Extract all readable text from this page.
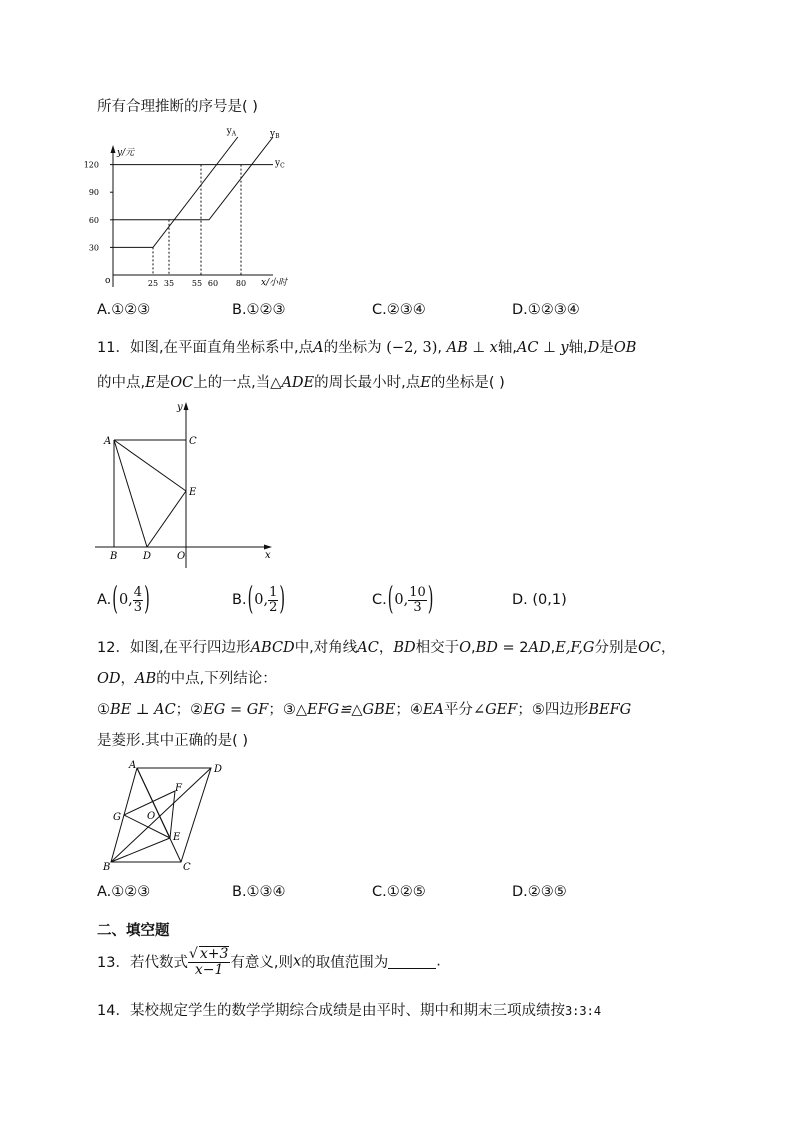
所有合理推断的序号是( )
y/元
x/小时
o
30
60
90
120
25 35 55 60 80
$y_A$	$y_B$
$y_C$
A.①②③	B.①②③	C.②③④	D.①②③④
11．如图,在平面直角坐标系中,点A的坐标为 (−2, 3), AB ⊥ x轴,AC ⊥ y轴,D是OB
的中点,E是OC上的一点,当△ADE的周长最小时,点E的坐标是( )
y
x
A	C
E
B	D	O
A.(0, $\frac{4}{3}$ )	B.(0, $\frac{1}{2}$ )	C.(0, $\frac{10}{3}$ )	D. (0,1)
12．如图,在平行四边形ABCD中,对角线AC，BD相交于O,BD = 2AD,E,F,G分别是OC，
OD，AB的中点,下列结论：
①BE ⊥ AC；②EG = GF；③△EFG≌△GBE；④EA平分∠GEF；⑤四边形BEFG
是菱形.其中正确的是( )
A	D
F
G	O
E
B	C
A.①②③	B.①③④	C.①②⑤	D.②③⑤
二、填空题
13．若代数式 $\frac{√ x+3}{x-1}$ 有意义,则x的取值范围为	.
14．某校规定学生的数学学期综合成绩是由平时、期中和期末三项成绩按3:3:4
